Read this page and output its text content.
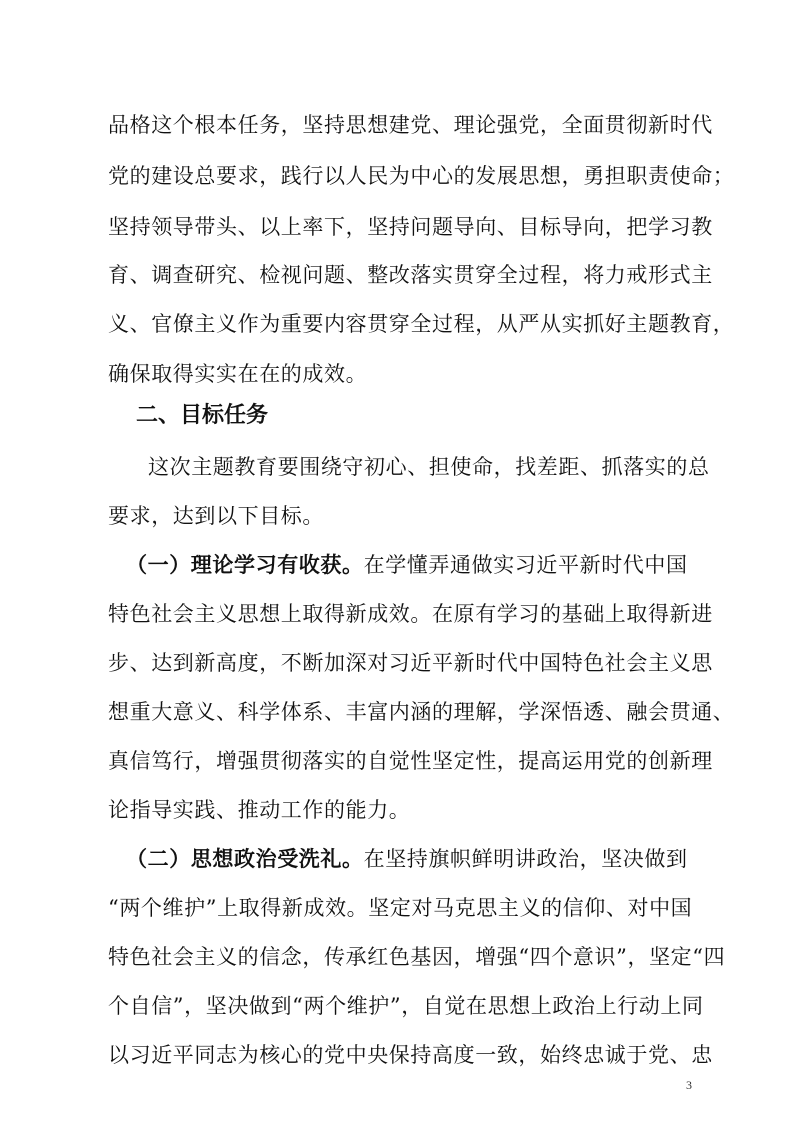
品格这个根本任务，坚持思想建党、理论强党，全面贯彻新时代
党的建设总要求，践行以人民为中心的发展思想，勇担职责使命；
坚持领导带头、以上率下，坚持问题导向、目标导向，把学习教
育、调查研究、检视问题、整改落实贯穿全过程，将力戒形式主
义、官僚主义作为重要内容贯穿全过程，从严从实抓好主题教育，
确保取得实实在在的成效。
二、目标任务
这次主题教育要围绕守初心、担使命，找差距、抓落实的总
要求，达到以下目标。
（一）理论学习有收获。在学懂弄通做实习近平新时代中国
特色社会主义思想上取得新成效。在原有学习的基础上取得新进
步、达到新高度，不断加深对习近平新时代中国特色社会主义思
想重大意义、科学体系、丰富内涵的理解，学深悟透、融会贯通、
真信笃行，增强贯彻落实的自觉性坚定性，提高运用党的创新理
论指导实践、推动工作的能力。
（二）思想政治受洗礼。在坚持旗帜鲜明讲政治，坚决做到
“两个维护”上取得新成效。坚定对马克思主义的信仰、对中国
特色社会主义的信念，传承红色基因，增强“四个意识”，坚定“四
个自信”，坚决做到“两个维护”，自觉在思想上政治上行动上同
以习近平同志为核心的党中央保持高度一致，始终忠诚于党、忠
3
